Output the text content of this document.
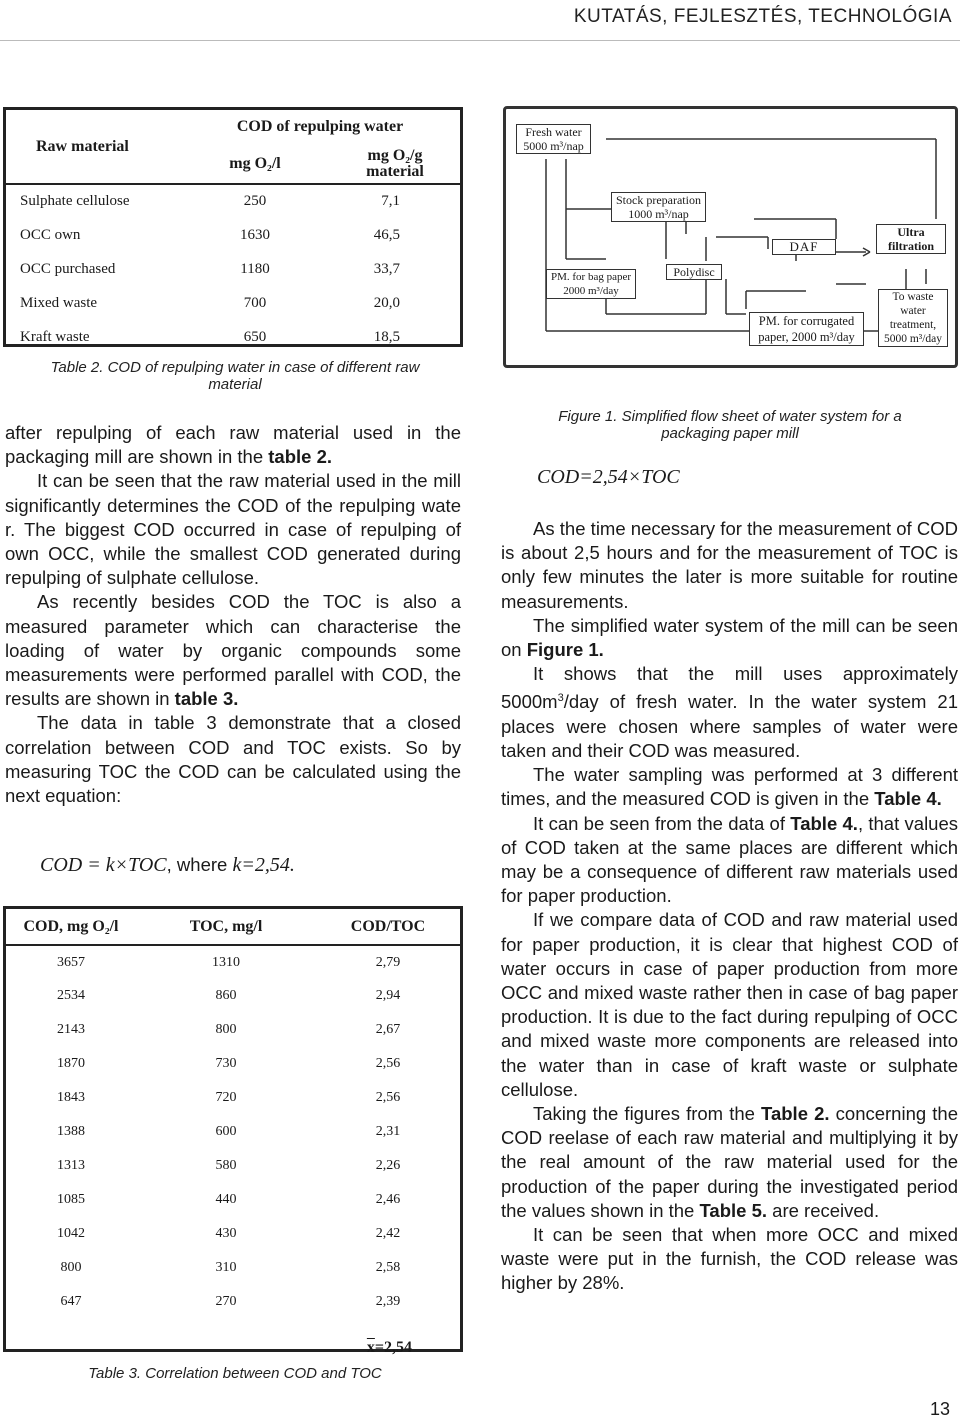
KUTATÁS, FEJLESZTÉS, TECHNOLÓGIA
Raw material	COD of repulping water	
	mg O₂/l	mg O₂/g
material

Sulphate cellulose	250	7,1
OCC own	1630	46,5
OCC purchased	1180	33,7
Mixed waste	700	20,0
Kraft waste	650	18,5
Table 2. COD of repulping water in case of different raw material

after repulping of each raw material used in the packaging mill are shown in the table 2.

It can be seen that the raw material used in the mill significantly determines the COD of the repulping wate r. The biggest COD occurred in case of repulping of own OCC, while the smallest COD generated during repulping of sulphate cellulose.

As recently besides COD the TOC is also a measured parameter which can characterise the loading of water by organic compounds some measurements were performed parallel with COD, the results are shown in table 3.

The data in table 3 demonstrate that a closed correlation between COD and TOC exists. So by measuring TOC the COD can be calculated using the next equation:

COD = k×TOC, where k=2,54.
COD, mg O₂/l	TOC, mg/l	COD/TOC
3657	1310	2,79
2534	860	2,94
2143	800	2,67
1870	730	2,56
1843	720	2,56
1388	600	2,31
1313	580	2,26
1085	440	2,46
1042	430	2,42
800	310	2,58
647	270	2,39
		$\overline{x}=2,54$
Table 3. Correlation between COD and TOC
Fresh water
5000 m³/nap
Stock preparation
1000 m³/nap
DAF
Ultra
filtration
PM. for bag paper
2000 m³/day
Polydisc
To waste
water
treatment,
5000 m³/day
PM. for corrugated
paper, 2000 m³/day
Figure 1. Simplified flow sheet of water system for a packaging paper mill
COD=2,54×TOC

As the time necessary for the measurement of COD is about 2,5 hours and for the measurement of TOC is only few minutes the later is more suitable for routine measurements.

The simplified water system of the mill can be seen on Figure 1.

It shows that the mill uses approximately $5000m^3$/day of fresh water. In the water system 21 places were chosen where samples of water were taken and their COD was measured.

The water sampling was performed at 3 different times, and the measured COD is given in the Table 4.

It can be seen from the data of Table 4., that values of COD taken at the same places are different which may be a consequence of different raw materials used for paper production.

If we compare data of COD and raw material used for paper production, it is clear that highest COD of water occurs in case of paper production from more OCC and mixed waste rather then in case of bag paper production. It is due to the fact during repulping of OCC and mixed waste more components are released into the water than in case of kraft waste or sulphate cellulose.

Taking the figures from the Table 2. concerning the COD reelase of each raw material and multiplying it by the real amount of the raw material used for the production of the paper during the investigated period the values shown in the Table 5. are received.

It can be seen that when more OCC and mixed waste were put in the furnish, the COD release was higher by 28%.

13
